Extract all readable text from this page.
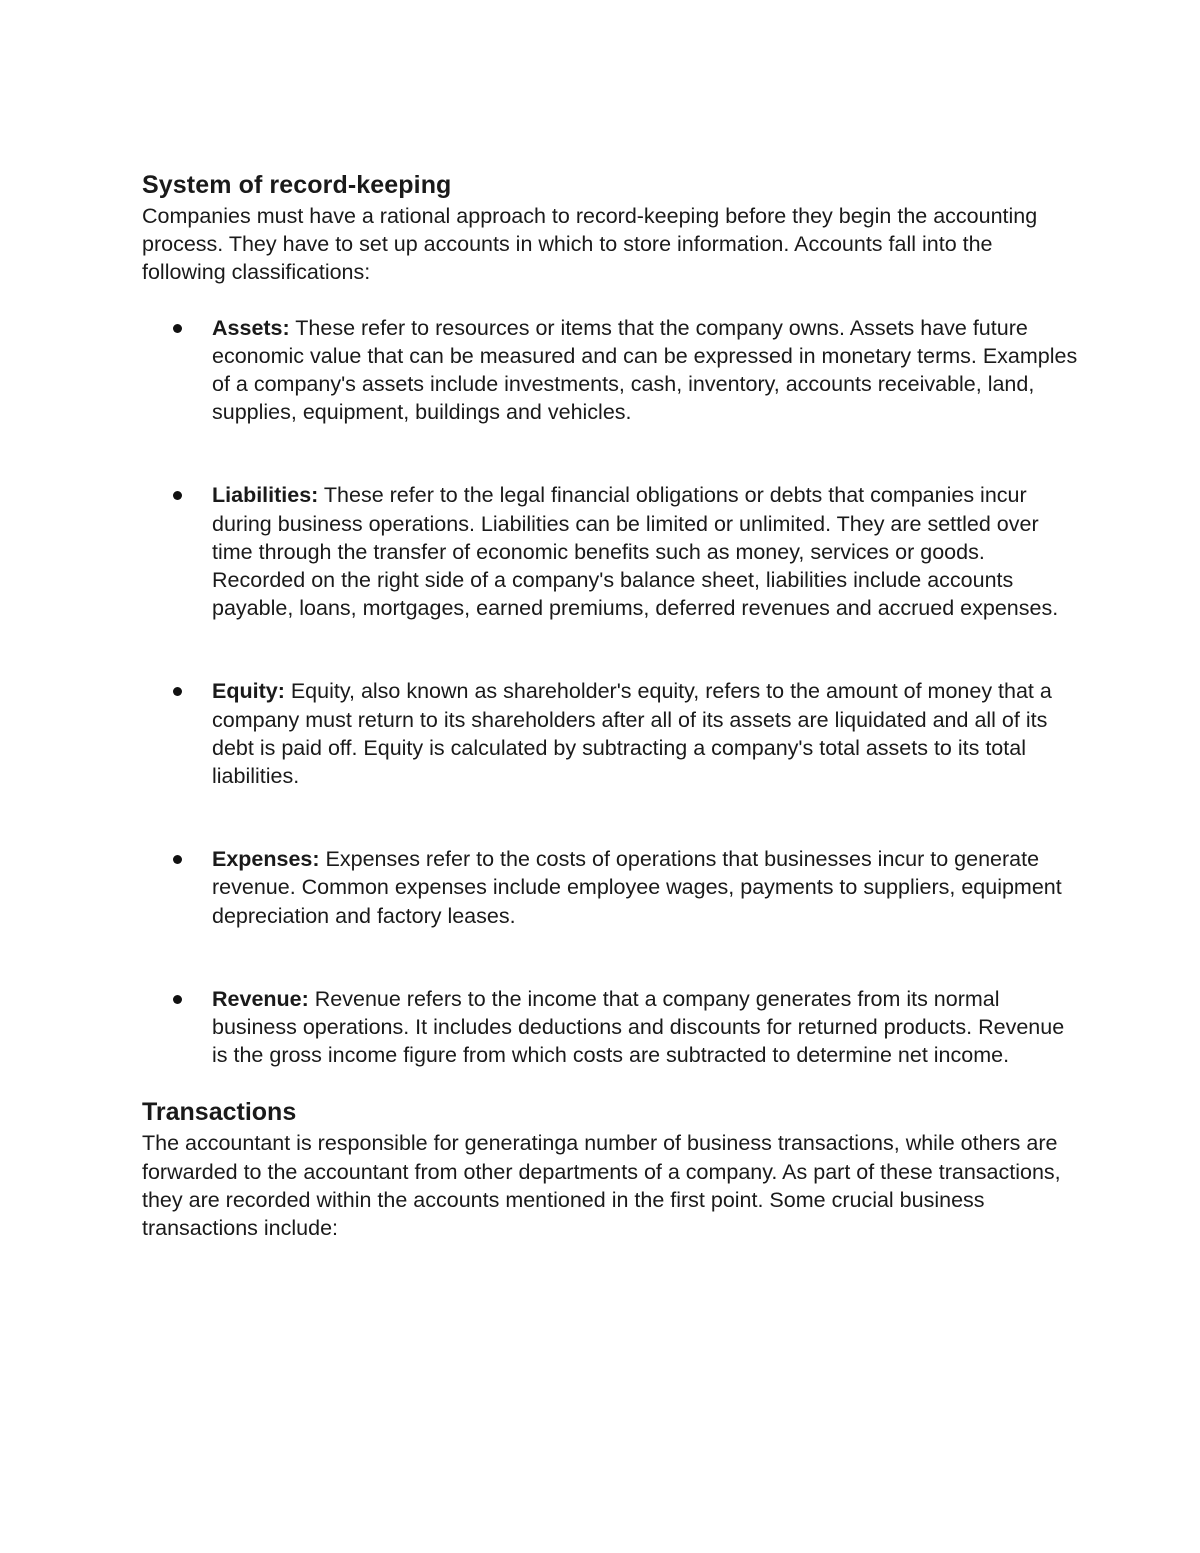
System of record-keeping

Companies must have a rational approach to record-keeping before they begin the accounting process. They have to set up accounts in which to store information. Accounts fall into the following classifications:

Assets: These refer to resources or items that the company owns. Assets have future economic value that can be measured and can be expressed in monetary terms. Examples of a company's assets include investments, cash, inventory, accounts receivable, land, supplies, equipment, buildings and vehicles.
Liabilities: These refer to the legal financial obligations or debts that companies incur during business operations. Liabilities can be limited or unlimited. They are settled over time through the transfer of economic benefits such as money, services or goods. Recorded on the right side of a company's balance sheet, liabilities include accounts payable, loans, mortgages, earned premiums, deferred revenues and accrued expenses.
Equity: Equity, also known as shareholder's equity, refers to the amount of money that a company must return to its shareholders after all of its assets are liquidated and all of its debt is paid off. Equity is calculated by subtracting a company's total assets to its total liabilities.
Expenses: Expenses refer to the costs of operations that businesses incur to generate revenue. Common expenses include employee wages, payments to suppliers, equipment depreciation and factory leases.
Revenue: Revenue refers to the income that a company generates from its normal business operations. It includes deductions and discounts for returned products. Revenue is the gross income figure from which costs are subtracted to determine net income.
Transactions

The accountant is responsible for generatinga number of business transactions, while others are forwarded to the accountant from other departments of a company. As part of these transactions, they are recorded within the accounts mentioned in the first point. Some crucial business transactions include:
